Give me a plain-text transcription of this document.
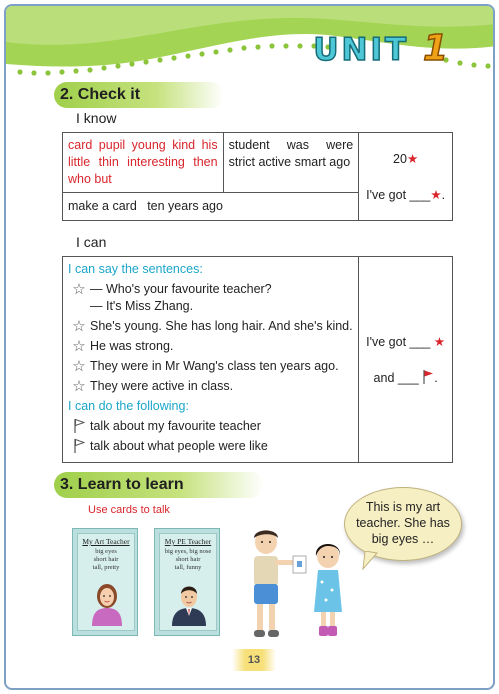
UNIT 1
2. Check it
I know
card pupil young kind his little thin interesting then who but	student was were strict active smart ago	20★
I've got ___★.

make a card   ten years ago
I can
I can say the sentences:
☆ — Who's your favourite teacher?
— It's Miss Zhang.
☆ She's young. She has long hair. And she's kind.
☆ He was strong.
☆ They were in Mr Wang's class ten years ago.
☆ They were active in class.
I can do the following:
talk about my favourite teacher
talk about what people were like

I've got ___ ★
and ___ .
3. Learn to learn
Use cards to talk
My Art Teacher
big eyes
short hair
tall, pretty
My PE Teacher
big eyes, big nose
short hair
tall, funny
This is my art teacher. She has big eyes …
13
